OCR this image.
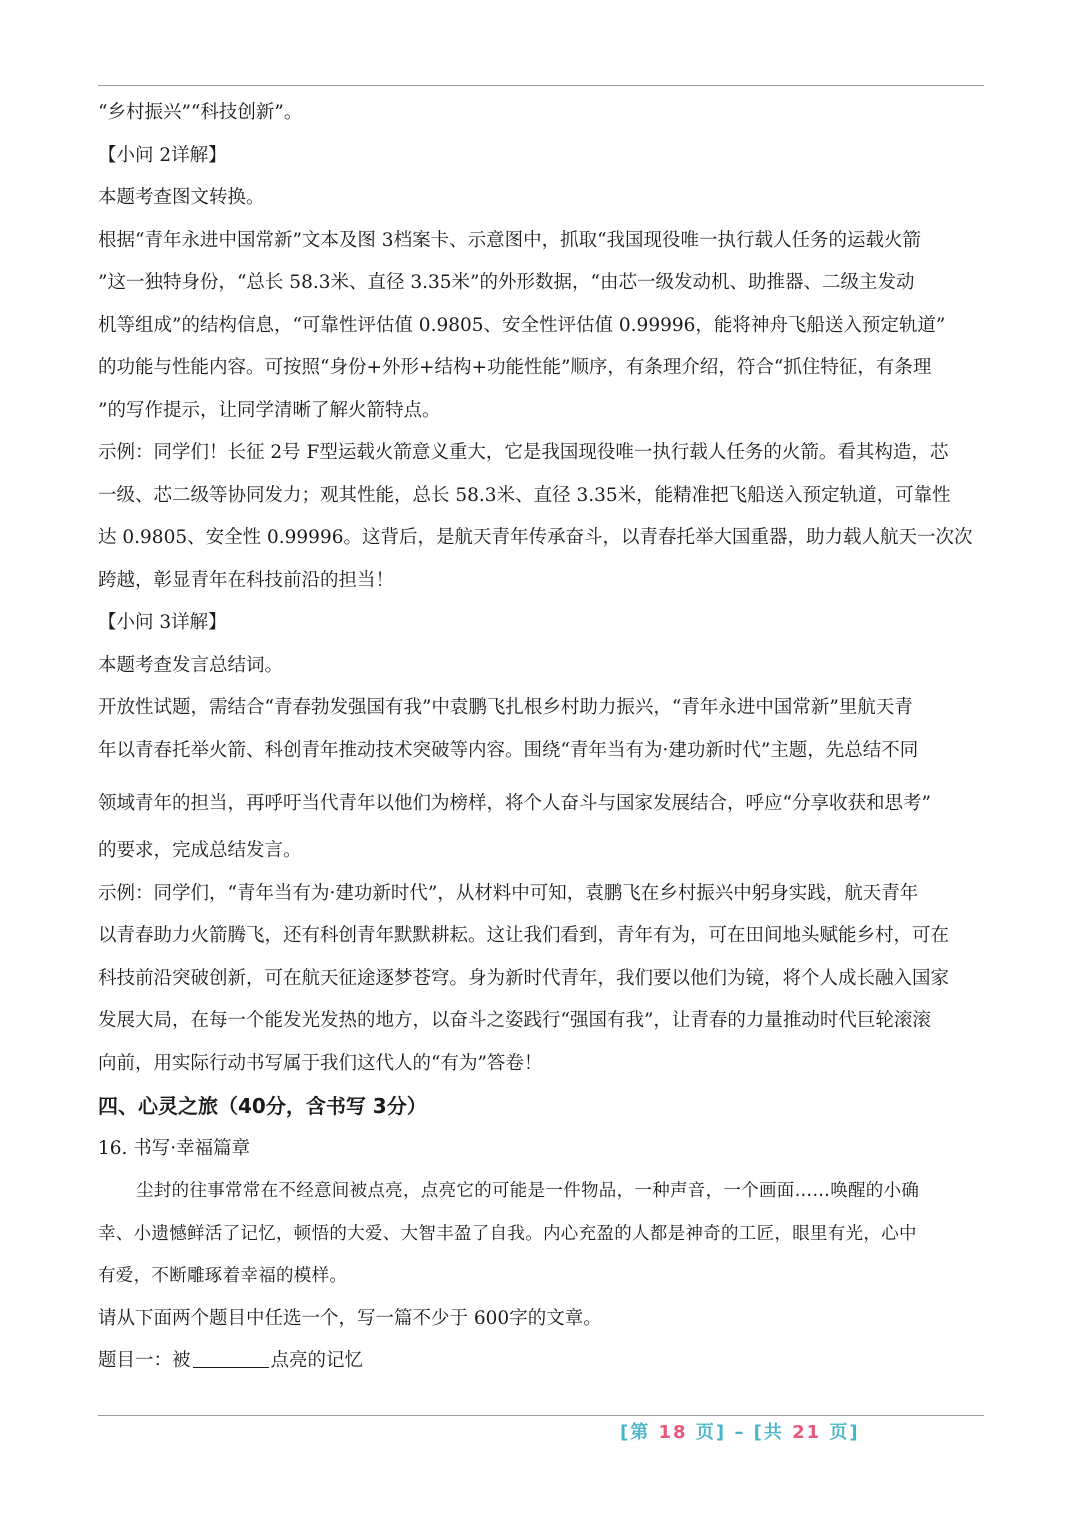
“乡村振兴”“科技创新”。
【小问 2详解】
本题考查图文转换。
根据“青年永进中国常新”文本及图 3档案卡、示意图中，抓取“我国现役唯一执行载人任务的运载火箭
”这一独特身份，“总长 58.3米、直径 3.35米”的外形数据，“由芯一级发动机、助推器、二级主发动
机等组成”的结构信息，“可靠性评估值 0.9805、安全性评估值 0.99996，能将神舟飞船送入预定轨道”
的功能与性能内容。可按照“身份+外形+结构+功能性能”顺序，有条理介绍，符合“抓住特征，有条理
”的写作提示，让同学清晰了解火箭特点。
示例：同学们！长征 2号 F型运载火箭意义重大，它是我国现役唯一执行载人任务的火箭。看其构造，芯
一级、芯二级等协同发力；观其性能，总长 58.3米、直径 3.35米，能精准把飞船送入预定轨道，可靠性
达 0.9805、安全性 0.99996。这背后，是航天青年传承奋斗，以青春托举大国重器，助力载人航天一次次
跨越，彰显青年在科技前沿的担当！
【小问 3详解】
本题考查发言总结词。
开放性试题，需结合“青春勃发强国有我”中袁鹏飞扎根乡村助力振兴，“青年永进中国常新”里航天青
年以青春托举火箭、科创青年推动技术突破等内容。围绕“青年当有为·建功新时代”主题，先总结不同
领域青年的担当，再呼吁当代青年以他们为榜样，将个人奋斗与国家发展结合，呼应“分享收获和思考”
的要求，完成总结发言。
示例：同学们，“青年当有为·建功新时代”，从材料中可知，袁鹏飞在乡村振兴中躬身实践，航天青年
以青春助力火箭腾飞，还有科创青年默默耕耘。这让我们看到，青年有为，可在田间地头赋能乡村，可在
科技前沿突破创新，可在航天征途逐梦苍穹。身为新时代青年，我们要以他们为镜，将个人成长融入国家
发展大局，在每一个能发光发热的地方，以奋斗之姿践行“强国有我”，让青春的力量推动时代巨轮滚滚
向前，用实际行动书写属于我们这代人的“有为”答卷！
四、心灵之旅（40分，含书写 3分）
16. 书写·幸福篇章
尘封的往事常常在不经意间被点亮，点亮它的可能是一件物品，一种声音，一个画面……唤醒的小确
幸、小遗憾鲜活了记忆，顿悟的大爱、大智丰盈了自我。内心充盈的人都是神奇的工匠，眼里有光，心中
有爱，不断雕琢着幸福的模样。
请从下面两个题目中任选一个，写一篇不少于 600字的文章。
题目一：被	点亮的记忆
[第 18 页] – [共 21 页]
